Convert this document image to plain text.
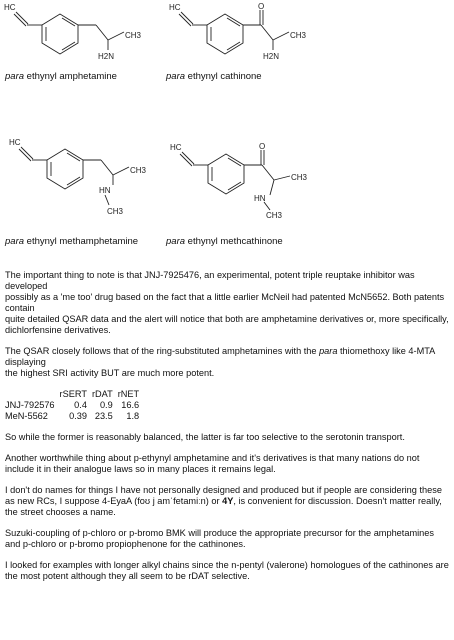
HC
CH3
H2N
para ethynyl amphetamine
HC	O
CH3
H2N
para ethynyl cathinone
HC
CH3
HN
CH3
para ethynyl methamphetamine
HC	O
CH3
HN
CH3
para ethynyl methcathinone

The important thing to note is that JNJ-7925476, an experimental, potent triple reuptake inhibitor was developed
possibly as a 'me too' drug based on the fact that a little earlier McNeil had patented McN5652. Both patents contain
quite detailed QSAR data and the alert will notice that both are amphetamine derivatives or, more specifically, dichlorfensine derivatives.

The QSAR closely follows that of the ring-substituted amphetamines with the para thiomethoxy like 4-MTA displaying
the highest SRI activity BUT are much more potent.

	rSERT	rDAT	rNET
JNJ-792576	0.4	0.9	16.6
MeN-5562	0.39	23.5	1.8

So while the former is reasonably balanced, the latter is far too selective to the serotonin transport.

Another worthwhile thing about p-ethynyl amphetamine and it's derivatives is that many nations do not include it in their analogue laws so in many places it remains legal.

I don't do names for things I have not personally designed and produced but if people are considering these as new RCs, I suppose 4-EyaA (foʊ j amˈfetamiːn) or 4Y, is convenient for discussion. Doesn't matter really, the street chooses a name.

Suzuki-coupling of p-chloro or p-bromo BMK will produce the appropriate precursor for the amphetamines and p-chloro or p-bromo propiophenone for the cathinones.

I looked for examples with longer alkyl chains since the n-pentyl (valerone) homologues of the cathinones are the most potent although they all seem to be rDAT selective.
